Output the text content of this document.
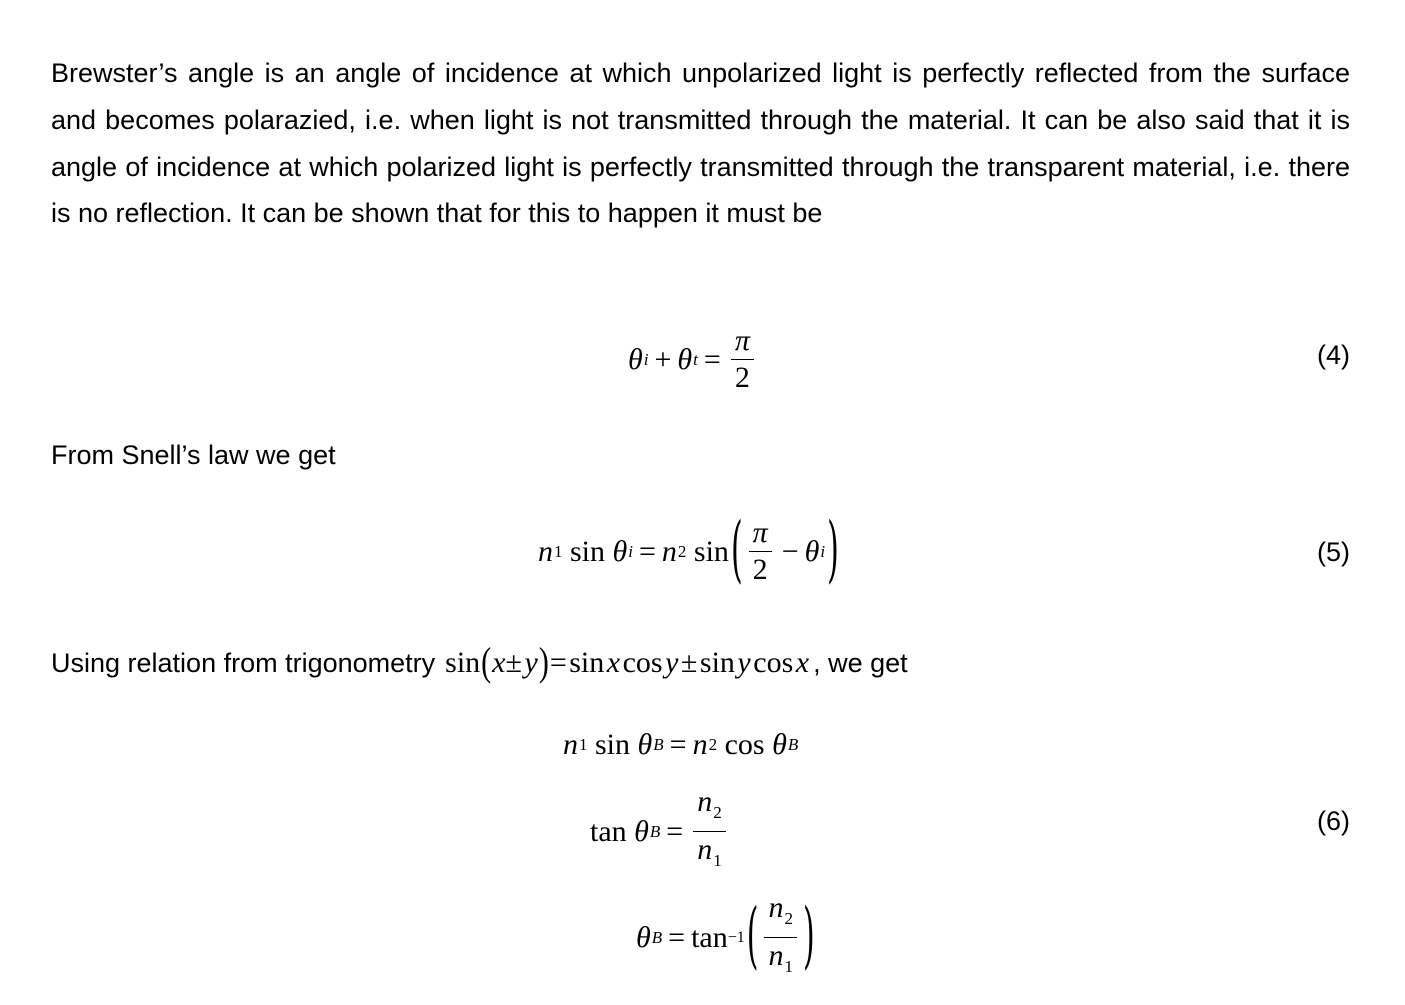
Brewster’s angle is an angle of incidence at which unpolarized light is perfectly reflected from the surface and becomes polarazied, i.e. when light is not transmitted through the material. It can be also said that it is angle of incidence at which polarized light is perfectly transmitted through the transparent material, i.e. there is no reflection. It can be shown that for this to happen it must be

θ i + θ $t = \frac{\pi}{2}$	(4)

From Snell’s law we get

n 1 sin θ i = n 2 sin ( $\frac{\pi}{2} - \theta$ i )	(5)
Using relation from trigonometry sin(x± y)= sin x cos y ± sin y cos x , we get
n 1 sin θ B = n 2 cos θ B
tan θ $B = \frac{n_2}{n_1}$	(6)
θ B = tan −1 ( $\frac{n_2}{n_1}$ )
